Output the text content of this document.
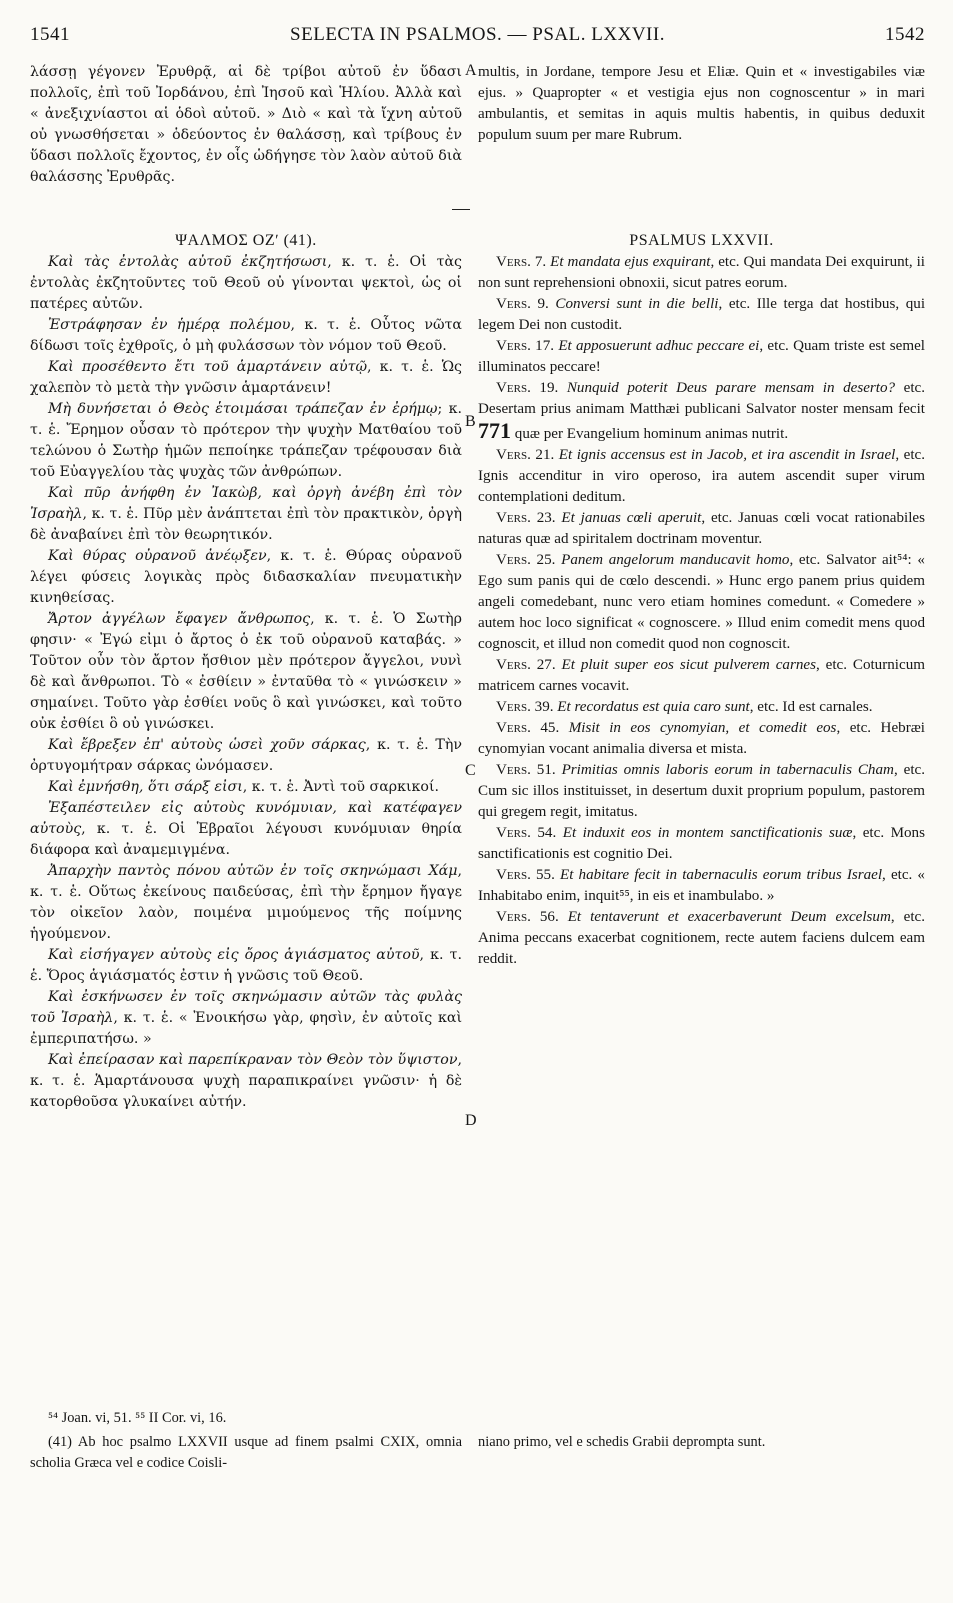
1541	SELECTA IN PSALMOS. — PSAL. LXXVII.	1542
A
B
C
D

λάσσῃ γέγονεν Ἐρυθρᾷ, αἱ δὲ τρίβοι αὐτοῦ ἐν ὕδασι πολλοῖς, ἐπὶ τοῦ Ἰορδάνου, ἐπὶ Ἰησοῦ καὶ Ἡλίου. Ἀλλὰ καὶ « ἀνεξιχνίαστοι αἱ ὁδοὶ αὐτοῦ. » Διὸ « καὶ τὰ ἴχνη αὐτοῦ οὐ γνωσθήσεται » ὁδεύοντος ἐν θαλάσσῃ, καὶ τρίβους ἐν ὕδασι πολλοῖς ἔχοντος, ἐν οἷς ὡδήγησε τὸν λαὸν αὐτοῦ διὰ θαλάσσης Ἐρυθρᾶς.

ΨΑΛΜΟΣ ΟΖʹ (41).

Καὶ τὰς ἐντολὰς αὐτοῦ ἐκζητήσωσι, κ. τ. ἑ. Οἱ τὰς ἐντολὰς ἐκζητοῦντες τοῦ Θεοῦ οὐ γίνονται ψεκτοὶ, ὡς οἱ πατέρες αὐτῶν.

Ἐστράφησαν ἐν ἡμέρᾳ πολέμου, κ. τ. ἑ. Οὗτος νῶτα δίδωσι τοῖς ἐχθροῖς, ὁ μὴ φυλάσσων τὸν νόμον τοῦ Θεοῦ.

Καὶ προσέθεντο ἔτι τοῦ ἁμαρτάνειν αὐτῷ, κ. τ. ἑ. Ὡς χαλεπὸν τὸ μετὰ τὴν γνῶσιν ἁμαρτάνειν!

Μὴ δυνήσεται ὁ Θεὸς ἑτοιμάσαι τράπεζαν ἐν ἐρήμῳ; κ. τ. ἑ. Ἔρημον οὖσαν τὸ πρότερον τὴν ψυχὴν Ματθαίου τοῦ τελώνου ὁ Σωτὴρ ἡμῶν πεποίηκε τράπεζαν τρέφουσαν διὰ τοῦ Εὐαγγελίου τὰς ψυχὰς τῶν ἀνθρώπων.

Καὶ πῦρ ἀνήφθη ἐν Ἰακὼβ, καὶ ὀργὴ ἀνέβη ἐπὶ τὸν Ἰσραὴλ, κ. τ. ἑ. Πῦρ μὲν ἀνάπτεται ἐπὶ τὸν πρακτικὸν, ὀργὴ δὲ ἀναβαίνει ἐπὶ τὸν θεωρητικόν.

Καὶ θύρας οὐρανοῦ ἀνέῳξεν, κ. τ. ἑ. Θύρας οὐρανοῦ λέγει φύσεις λογικὰς πρὸς διδασκαλίαν πνευματικὴν κινηθείσας.

Ἄρτον ἀγγέλων ἔφαγεν ἄνθρωπος, κ. τ. ἑ. Ὁ Σωτὴρ φησιν· « Ἐγώ εἰμι ὁ ἄρτος ὁ ἐκ τοῦ οὐρανοῦ καταβάς. » Τοῦτον οὖν τὸν ἄρτον ἤσθιον μὲν πρότερον ἄγγελοι, νυνὶ δὲ καὶ ἄνθρωποι. Τὸ « ἐσθίειν » ἐνταῦθα τὸ « γινώσκειν » σημαίνει. Τοῦτο γὰρ ἐσθίει νοῦς ὃ καὶ γινώσκει, καὶ τοῦτο οὐκ ἐσθίει ὃ οὐ γινώσκει.

Καὶ ἔβρεξεν ἐπ' αὐτοὺς ὡσεὶ χοῦν σάρκας, κ. τ. ἑ. Τὴν ὀρτυγομήτραν σάρκας ὠνόμασεν.

Καὶ ἐμνήσθη, ὅτι σάρξ εἰσι, κ. τ. ἑ. Ἀντὶ τοῦ σαρκικοί.

Ἐξαπέστειλεν εἰς αὐτοὺς κυνόμυιαν, καὶ κατέφαγεν αὐτοὺς, κ. τ. ἑ. Οἱ Ἑβραῖοι λέγουσι κυνόμυιαν θηρία διάφορα καὶ ἀναμεμιγμένα.

Ἀπαρχὴν παντὸς πόνου αὐτῶν ἐν τοῖς σκηνώμασι Χάμ, κ. τ. ἑ. Οὕτως ἐκείνους παιδεύσας, ἐπὶ τὴν ἔρημον ἤγαγε τὸν οἰκεῖον λαὸν, ποιμένα μιμούμενος τῆς ποίμνης ἡγούμενον.

Καὶ εἰσήγαγεν αὐτοὺς εἰς ὄρος ἁγιάσματος αὐτοῦ, κ. τ. ἑ. Ὄρος ἁγιάσματός ἐστιν ἡ γνῶσις τοῦ Θεοῦ.

Καὶ ἐσκήνωσεν ἐν τοῖς σκηνώμασιν αὐτῶν τὰς φυλὰς τοῦ Ἰσραὴλ, κ. τ. ἑ. « Ἐνοικήσω γὰρ, φησὶν, ἐν αὐτοῖς καὶ ἐμπεριπατήσω. »

Καὶ ἐπείρασαν καὶ παρεπίκραναν τὸν Θεὸν τὸν ὕψιστον, κ. τ. ἑ. Ἁμαρτάνουσα ψυχὴ παραπικραίνει γνῶσιν· ἡ δὲ κατορθοῦσα γλυκαίνει αὐτήν.

⁵⁴ Joan. vi, 51. ⁵⁵ II Cor. vi, 16.

(41) Ab hoc psalmo LXXVII usque ad finem psalmi CXIX, omnia scholia Græca vel e codice Coisli-

multis, in Jordane, tempore Jesu et Eliæ. Quin et « investigabiles viæ ejus. » Quapropter « et vestigia ejus non cognoscentur » in mari ambulantis, et semitas in aquis multis habentis, in quibus deduxit populum suum per mare Rubrum.

PSALMUS LXXVII.

Vers. 7. Et mandata ejus exquirant, etc. Qui mandata Dei exquirunt, ii non sunt reprehensioni obnoxii, sicut patres eorum.

Vers. 9. Conversi sunt in die belli, etc. Ille terga dat hostibus, qui legem Dei non custodit.

Vers. 17. Et apposuerunt adhuc peccare ei, etc. Quam triste est semel illuminatos peccare!

Vers. 19. Nunquid poterit Deus parare mensam in deserto? etc. Desertam prius animam Matthæi publicani Salvator noster mensam fecit 771 quæ per Evangelium hominum animas nutrit.

Vers. 21. Et ignis accensus est in Jacob, et ira ascendit in Israel, etc. Ignis accenditur in viro operoso, ira autem ascendit super virum contemplationi deditum.

Vers. 23. Et januas cœli aperuit, etc. Januas cœli vocat rationabiles naturas quæ ad spiritalem doctrinam moventur.

Vers. 25. Panem angelorum manducavit homo, etc. Salvator ait⁵⁴: « Ego sum panis qui de cœlo descendi. » Hunc ergo panem prius quidem angeli comedebant, nunc vero etiam homines comedunt. « Comedere » autem hoc loco significat « cognoscere. » Illud enim comedit mens quod cognoscit, et illud non comedit quod non cognoscit.

Vers. 27. Et pluit super eos sicut pulverem carnes, etc. Coturnicum matricem carnes vocavit.

Vers. 39. Et recordatus est quia caro sunt, etc. Id est carnales.

Vers. 45. Misit in eos cynomyian, et comedit eos, etc. Hebræi cynomyian vocant animalia diversa et mista.

Vers. 51. Primitias omnis laboris eorum in tabernaculis Cham, etc. Cum sic illos instituisset, in desertum duxit proprium populum, pastorem qui gregem regit, imitatus.

Vers. 54. Et induxit eos in montem sanctificationis suæ, etc. Mons sanctificationis est cognitio Dei.

Vers. 55. Et habitare fecit in tabernaculis eorum tribus Israel, etc. « Inhabitabo enim, inquit⁵⁵, in eis et inambulabo. »

Vers. 56. Et tentaverunt et exacerbaverunt Deum excelsum, etc. Anima peccans exacerbat cognitionem, recte autem faciens dulcem eam reddit.

niano primo, vel e schedis Grabii deprompta sunt.
